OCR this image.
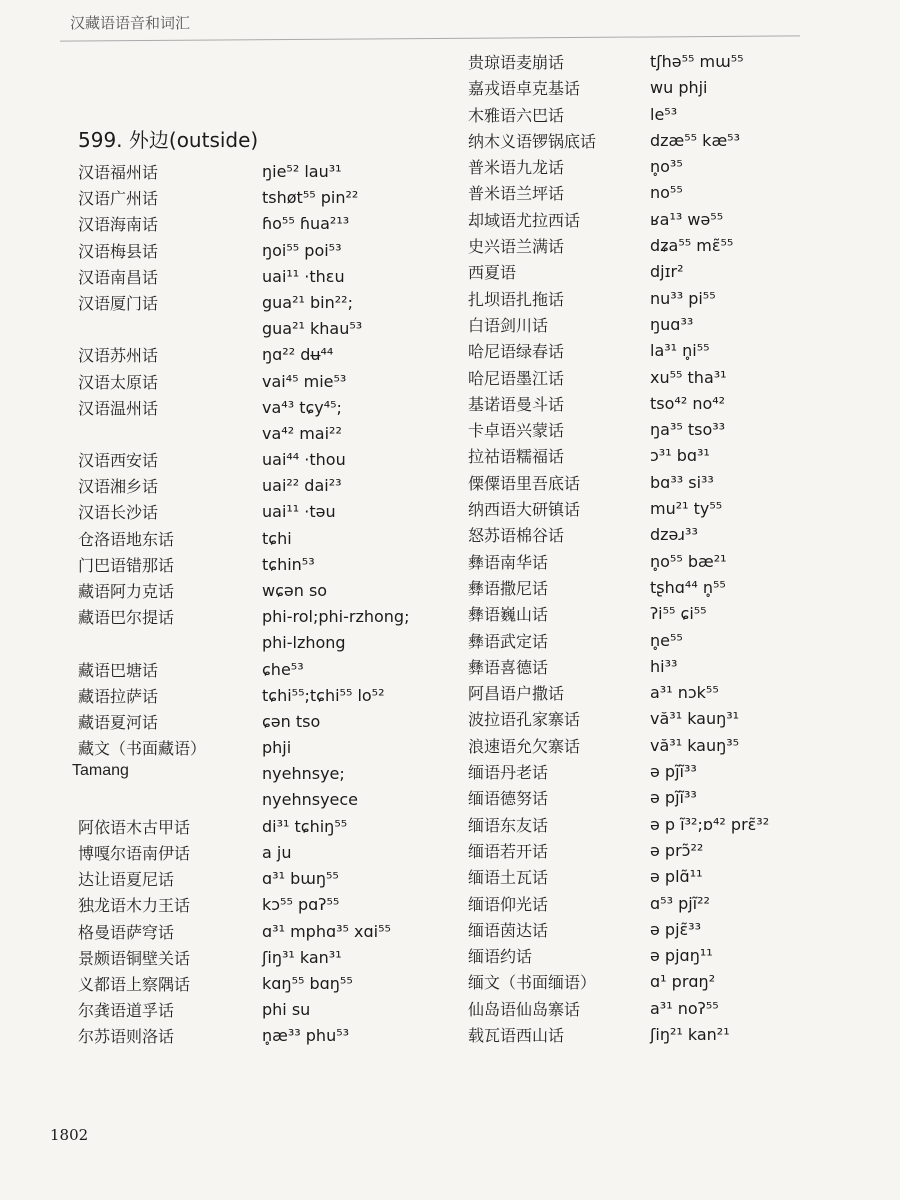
汉藏语语音和词汇
599. 外边(outside)
汉语福州话	ŋie⁵² lau³¹
汉语广州话	tshøt⁵⁵ pin²²
汉语海南话	ɦo⁵⁵ ɦua²¹³
汉语梅县话	ŋoi⁵⁵ poi⁵³
汉语南昌话	uai¹¹ ·thɛu
汉语厦门话	gua²¹ bin²²;
gua²¹ khau⁵³
汉语苏州话	ŋɑ²² dʉ⁴⁴
汉语太原话	vai⁴⁵ mie⁵³
汉语温州话	va⁴³ tɕy⁴⁵;
va⁴² mai²²
汉语西安话	uai⁴⁴ ·thou
汉语湘乡话	uai²² dai²³
汉语长沙话	uai¹¹ ·təu
仓洛语地东话	tɕhi
门巴语错那话	tɕhin⁵³
藏语阿力克话	wɕən so
藏语巴尔提话	phi-rol;phi-rzhong;
phi-lzhong
藏语巴塘话	ɕhe⁵³
藏语拉萨话	tɕhi⁵⁵;tɕhi⁵⁵ lo⁵²
藏语夏河话	ɕən tso
藏文（书面藏语）	phji
Tamang	nyehnsye;
nyehnsyece
阿依语木古甲话	di³¹ tɕhiŋ⁵⁵
博嘎尔语南伊话	a ju
达让语夏尼话	ɑ³¹ bɯŋ⁵⁵
独龙语木力王话	kɔ⁵⁵ pɑʔ⁵⁵
格曼语萨穹话	ɑ³¹ mphɑ³⁵ xɑi⁵⁵
景颇语铜壁关话	ʃiŋ³¹ kan³¹
义都语上察隅话	kɑŋ⁵⁵ bɑŋ⁵⁵
尔龚语道孚话	phi su
尔苏语则洛话	n̥æ³³ phu⁵³
贵琼语麦崩话	tʃhə⁵⁵ mɯ⁵⁵
嘉戎语卓克基话	wu phji
木雅语六巴话	le⁵³
纳木义语锣锅底话	dzæ⁵⁵ kæ⁵³
普米语九龙话	n̥o³⁵
普米语兰坪话	no⁵⁵
却域语尤拉西话	ʁa¹³ wə⁵⁵
史兴语兰满话	dʑa⁵⁵ mɛ̃⁵⁵
西夏语	djɪr²
扎坝语扎拖话	nu³³ pi⁵⁵
白语剑川话	ŋuɑ³³
哈尼语绿春话	la³¹ n̥i⁵⁵
哈尼语墨江话	xu⁵⁵ tha³¹
基诺语曼斗话	tso⁴² no⁴²
卡卓语兴蒙话	ŋa³⁵ tso³³
拉祜语糯福话	ɔ³¹ bɑ³¹
傈僳语里吾底话	bɑ³³ si³³
纳西语大研镇话	mu²¹ ty⁵⁵
怒苏语棉谷话	dzəɹ³³
彝语南华话	n̥o⁵⁵ bæ²¹
彝语撒尼话	tʂhɑ⁴⁴ n̥⁵⁵
彝语巍山话	ʔi⁵⁵ ɕi⁵⁵
彝语武定话	n̥e⁵⁵
彝语喜德话	hi³³
阿昌语户撒话	a³¹ nɔk⁵⁵
波拉语孔家寨话	vă³¹ kauŋ³¹
浪速语允欠寨话	vă³¹ kauŋ³⁵
缅语丹老话	ə pj̃ĩ³³
缅语德努话	ə pj̃ĩ³³
缅语东友话	ə p ĩ³²;ɒ⁴² prɛ̃³²
缅语若开话	ə prɔ̃²²
缅语土瓦话	ə plɑ̃¹¹
缅语仰光话	ɑ⁵³ pjĩ²²
缅语茵达话	ə pjɛ̃³³
缅语约话	ə pjɑŋ¹¹
缅文（书面缅语）	ɑ¹ prɑŋ²
仙岛语仙岛寨话	a³¹ noʔ⁵⁵
载瓦语西山话	ʃiŋ²¹ kan²¹
1802
